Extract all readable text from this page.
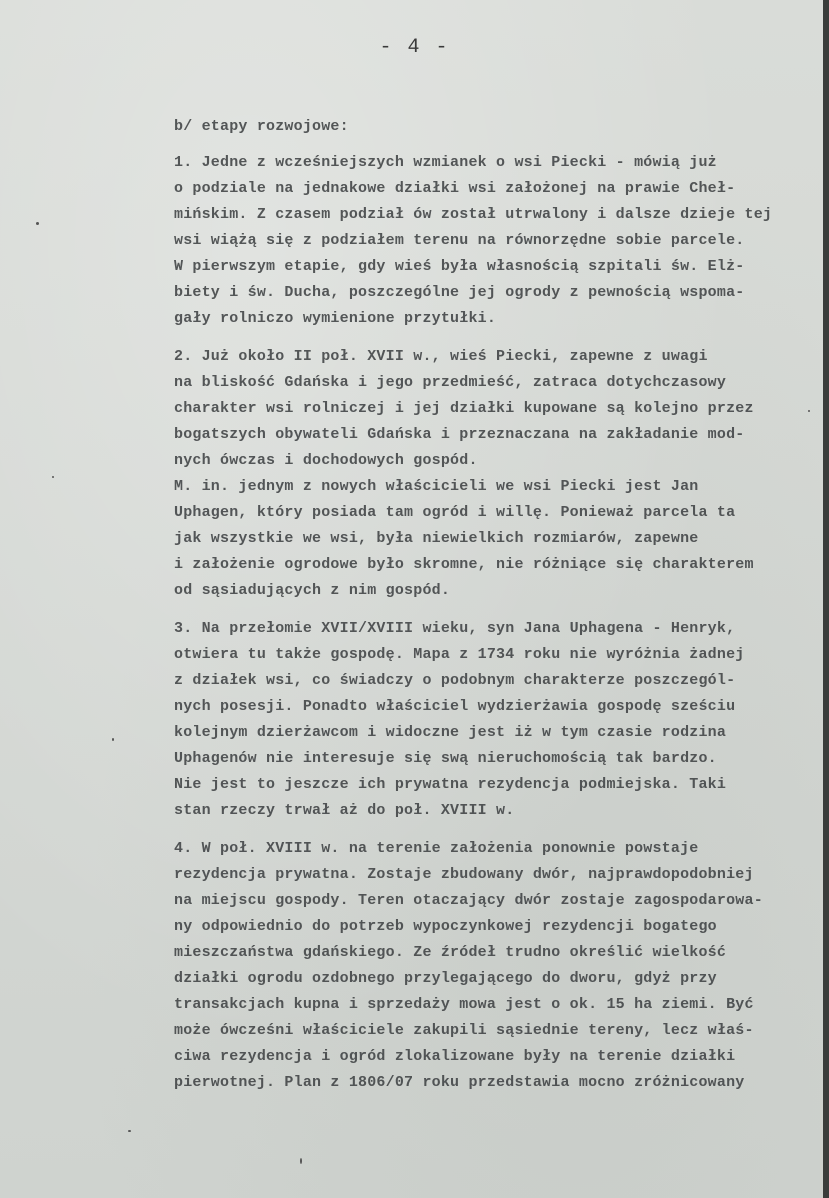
- 4 -
b/ etapy rozwojowe:
1. Jedne z wcześniejszych wzmianek o wsi Piecki - mówią już
o podziale na jednakowe działki wsi założonej na prawie Cheł-
mińskim. Z czasem podział ów został utrwalony i dalsze dzieje tej
wsi wiążą się z podziałem terenu na równorzędne sobie parcele.
W pierwszym etapie, gdy wieś była własnością szpitali św. Elż-
biety i św. Ducha, poszczególne jej ogrody z pewnością wspoma-
gały rolniczo wymienione przytułki.
2. Już około II poł. XVII w., wieś Piecki, zapewne z uwagi
na bliskość Gdańska i jego przedmieść, zatraca dotychczasowy
charakter wsi rolniczej i jej działki kupowane są kolejno przez
bogatszych obywateli Gdańska i przeznaczana na zakładanie mod-
nych ówczas i dochodowych gospód.
M. in. jednym z nowych właścicieli we wsi Piecki jest Jan
Uphagen, który posiada tam ogród i willę. Ponieważ parcela ta
jak wszystkie we wsi, była niewielkich rozmiarów, zapewne
i założenie ogrodowe było skromne, nie różniące się charakterem
od sąsiadujących z nim gospód.
3. Na przełomie XVII/XVIII wieku, syn Jana Uphagena - Henryk,
otwiera tu także gospodę. Mapa z 1734 roku nie wyróżnia żadnej
z działek wsi, co świadczy o podobnym charakterze poszczegól-
nych posesji. Ponadto właściciel wydzierżawia gospodę sześciu
kolejnym dzierżawcom i widoczne jest iż w tym czasie rodzina
Uphagenów nie interesuje się swą nieruchomością tak bardzo.
Nie jest to jeszcze ich prywatna rezydencja podmiejska. Taki
stan rzeczy trwał aż do poł. XVIII w.
4. W poł. XVIII w. na terenie założenia ponownie powstaje
rezydencja prywatna. Zostaje zbudowany dwór, najprawdopodobniej
na miejscu gospody. Teren otaczający dwór zostaje zagospodarowa-
ny odpowiednio do potrzeb wypoczynkowej rezydencji bogatego
mieszczaństwa gdańskiego. Ze źródeł trudno określić wielkość
działki ogrodu ozdobnego przylegającego do dworu, gdyż przy
transakcjach kupna i sprzedaży mowa jest o ok. 15 ha ziemi. Być
może ówcześni właściciele zakupili sąsiednie tereny, lecz właś-
ciwa rezydencja i ogród zlokalizowane były na terenie działki
pierwotnej. Plan z 1806/07 roku przedstawia mocno zróżnicowany
